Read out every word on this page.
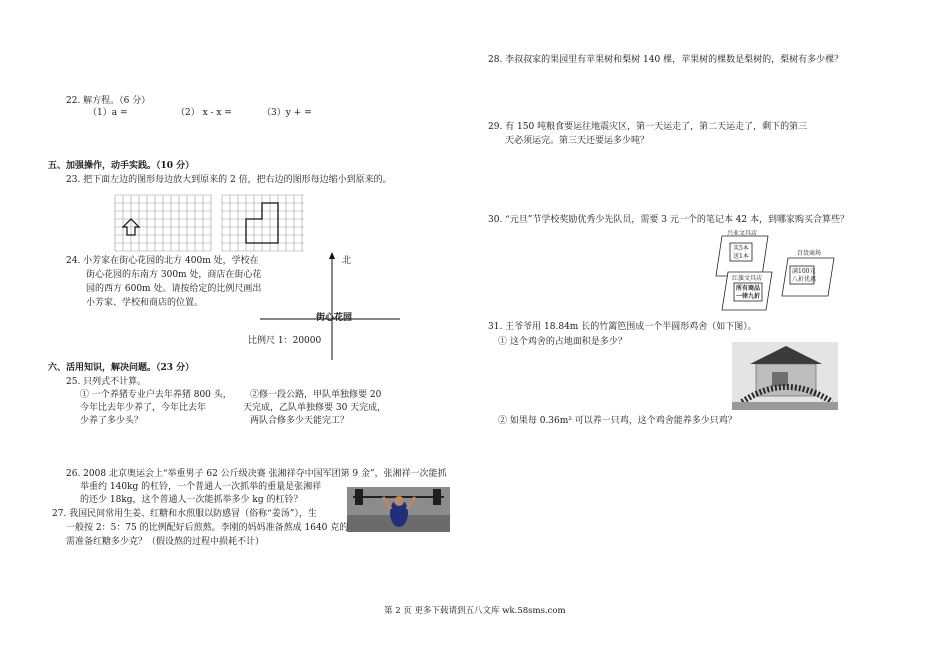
22. 解方程。（6 分）
（1）a =	（2） x - x =	（3）y + =
五、加强操作，动手实践。（10 分）
23. 把下面左边的图形每边放大到原来的 2 倍，把右边的图形每边缩小到原来的。
24. 小芳家在街心花园的北方 400m 处，学校在
街心花园的东南方 300m 处，商店在街心花
园的西方 600m 处。请按给定的比例尺画出
小芳家、学校和商店的位置。
北
街心花园
比例尺 1：20000
六、活用知识，解决问题。（23 分）
25. 只列式不计算。
① 一个养猪专业户去年养猪 800 头，
今年比去年少养了，今年比去年
少养了多少头？
②修一段公路，甲队单独修要 20
天完成，乙队单独修要 30 天完成，
两队合修多少天能完工？
26. 2008 北京奥运会上“举重男子 62 公斤级决赛 张湘祥夺中国军团第 9 金”，张湘祥一次能抓
举重约 140kg 的杠铃，一个普通人一次抓举的重量是张湘祥
的还少 18kg，这个普通人一次能抓举多少 kg 的杠铃？
27. 我国民间常用生姜、红糖和水煎服以防感冒（俗称“姜汤”），生
一般按 2：5：75 的比例配好后煎熬。李刚的妈妈准备熬成 1640 克的
需准备红糖多少克？（假设熬的过程中损耗不计）
28. 李叔叔家的果园里有苹果树和梨树 140 棵，苹果树的棵数是梨树的，梨树有多少棵？
29. 有 150 吨粮食要运往地震灾区，第一天运走了，第二天运走了，剩下的第三
天必须运完。第三天还要运多少吨？
30. “元旦”节学校奖励优秀少先队员，需要 3 元一个的笔记本 42 本，到哪家购买合算些？
兴业文具店
买5本
送1本	百货商场
满100元
八折优惠
红旗文具店
所有商品
一律九折
31. 王爷爷用 18.84m 长的竹篱笆围成一个半圆形鸡舍（如下图）。
① 这个鸡舍的占地面积是多少？
② 如果每 0.36m² 可以养一只鸡，这个鸡舍能养多少只鸡？
第 2 页 更多下载请到五八文库 wk.58sms.com
